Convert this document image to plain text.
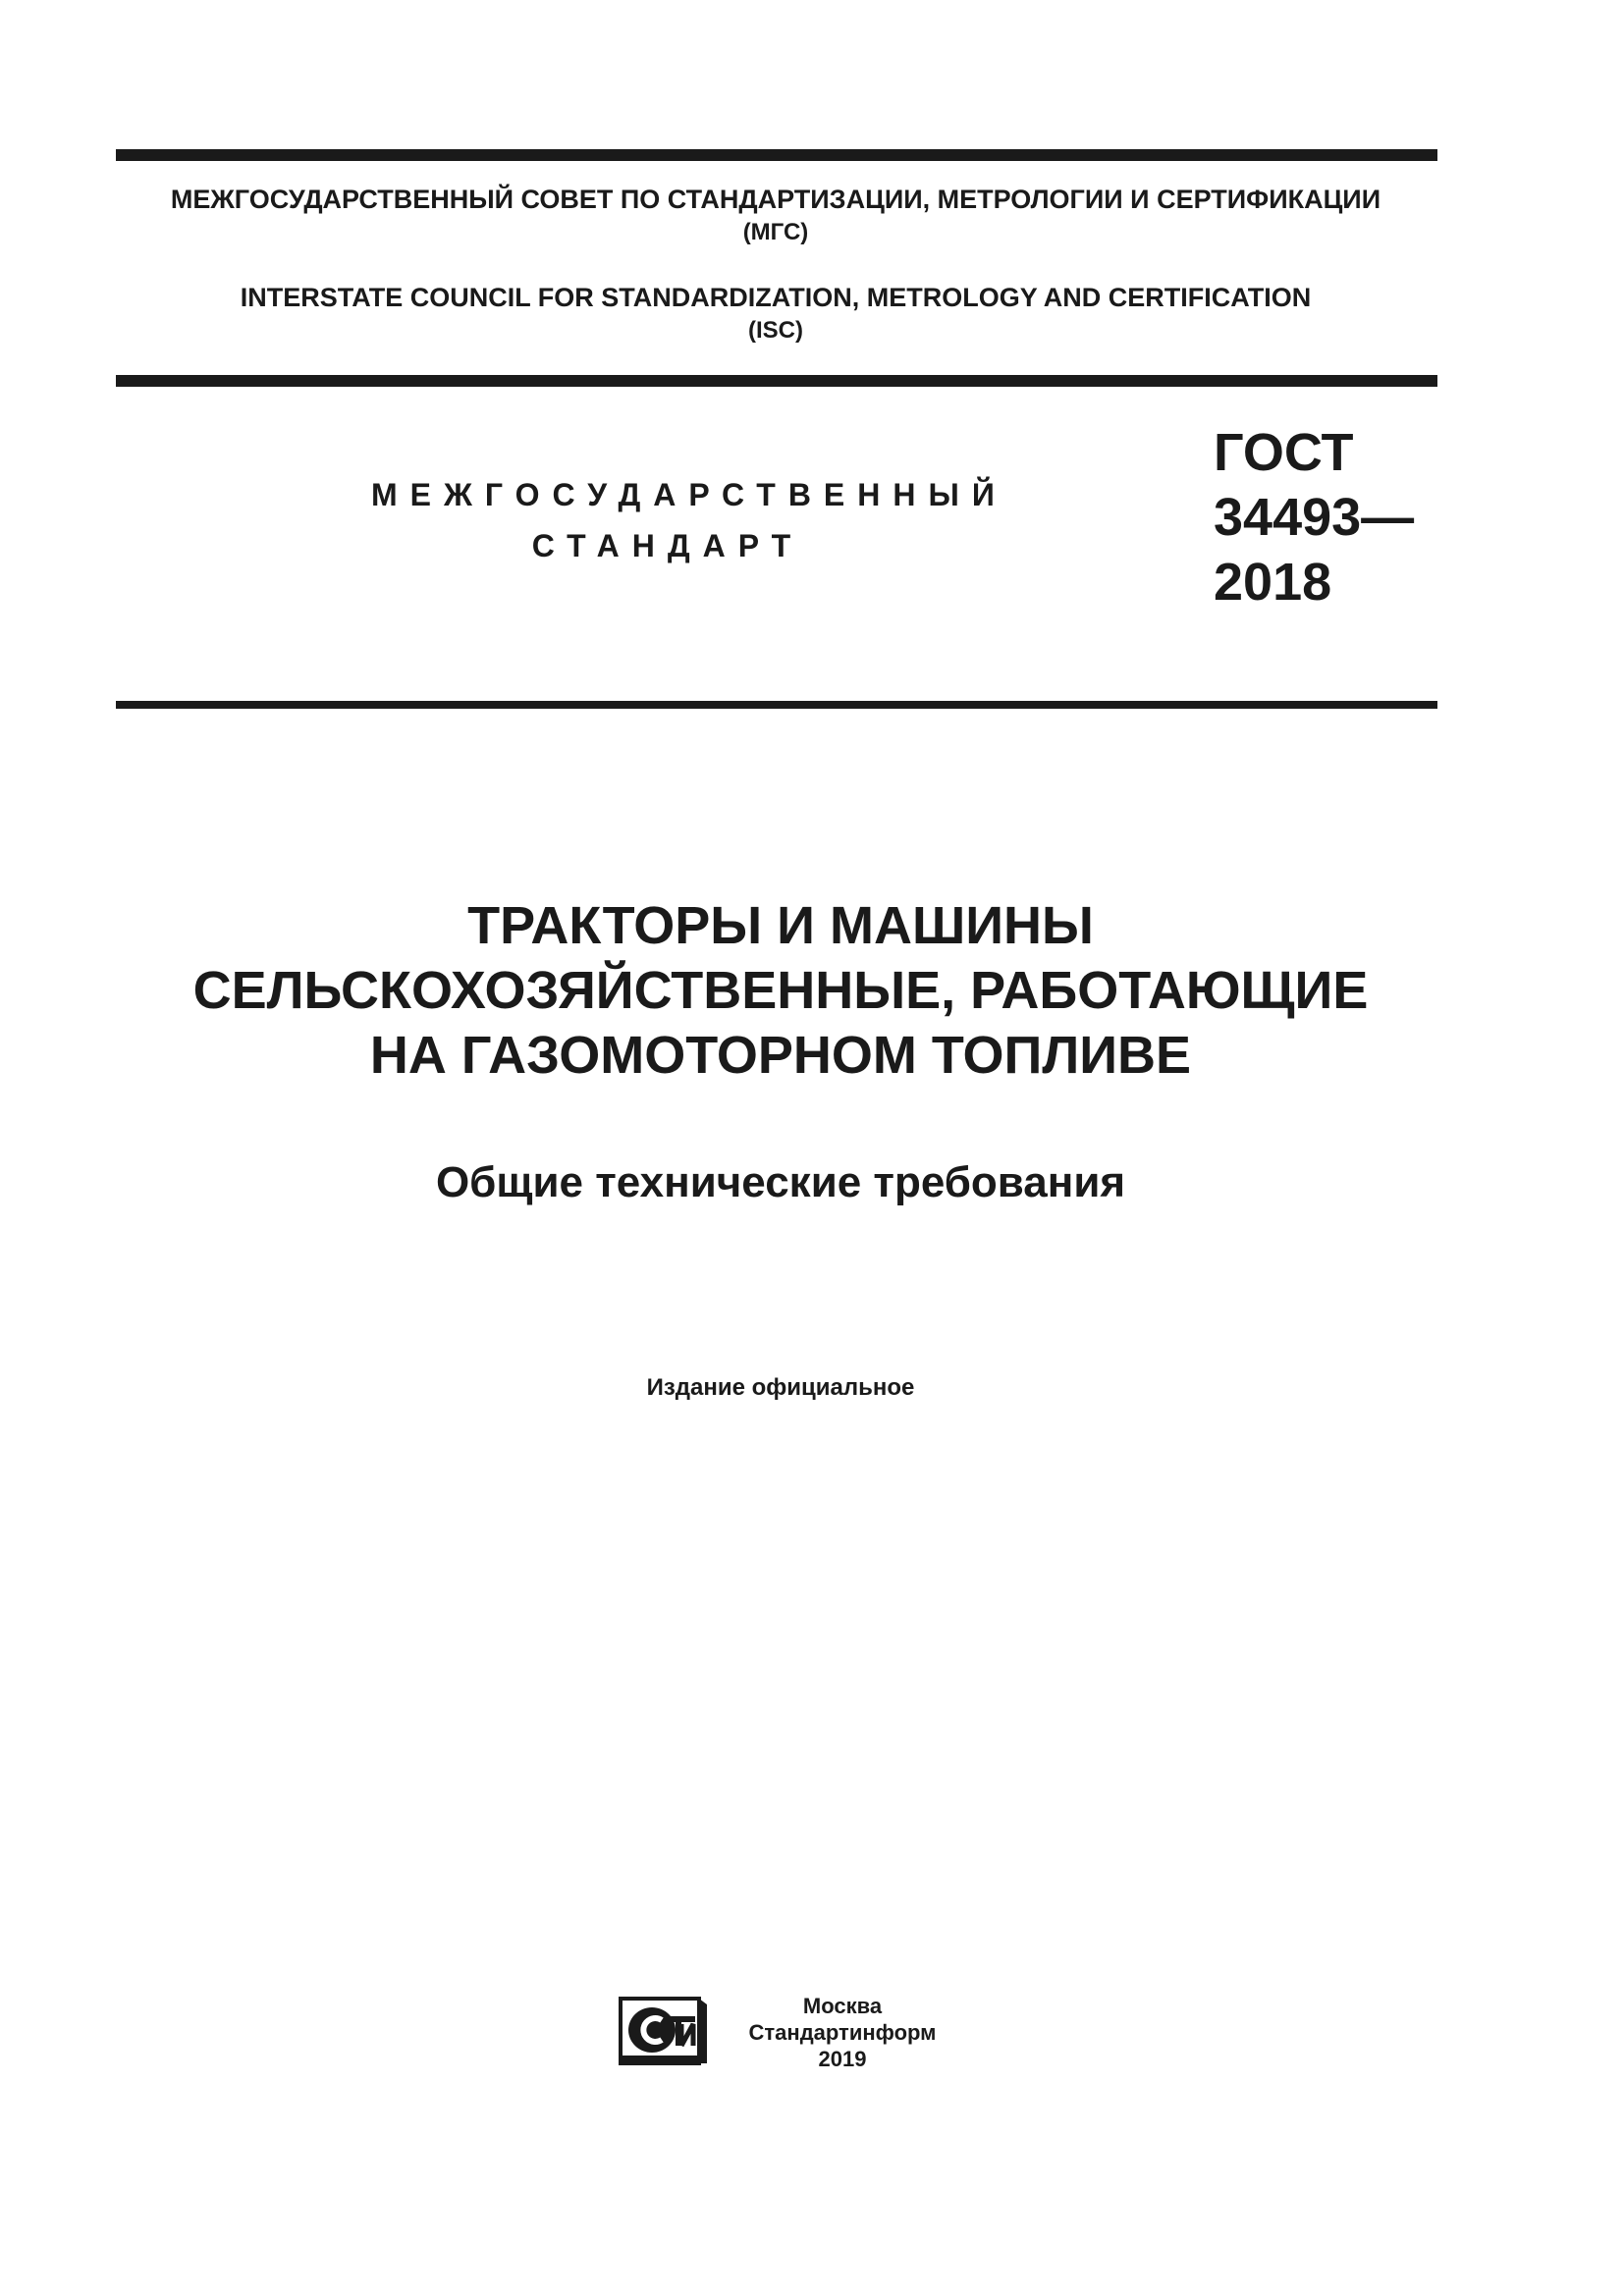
МЕЖГОСУДАРСТВЕННЫЙ СОВЕТ ПО СТАНДАРТИЗАЦИИ, МЕТРОЛОГИИ И СЕРТИФИКАЦИИ
(МГС)
INTERSTATE COUNCIL FOR STANDARDIZATION, METROLOGY AND CERTIFICATION
(ISC)
МЕЖГОСУДАРСТВЕННЫЙ
СТАНДАРТ
ГОСТ
34493—
2018
ТРАКТОРЫ И МАШИНЫ
СЕЛЬСКОХОЗЯЙСТВЕННЫЕ, РАБОТАЮЩИЕ
НА ГАЗОМОТОРНОМ ТОПЛИВЕ
Общие технические требования
Издание официальное
Москва
Стандартинформ
2019
